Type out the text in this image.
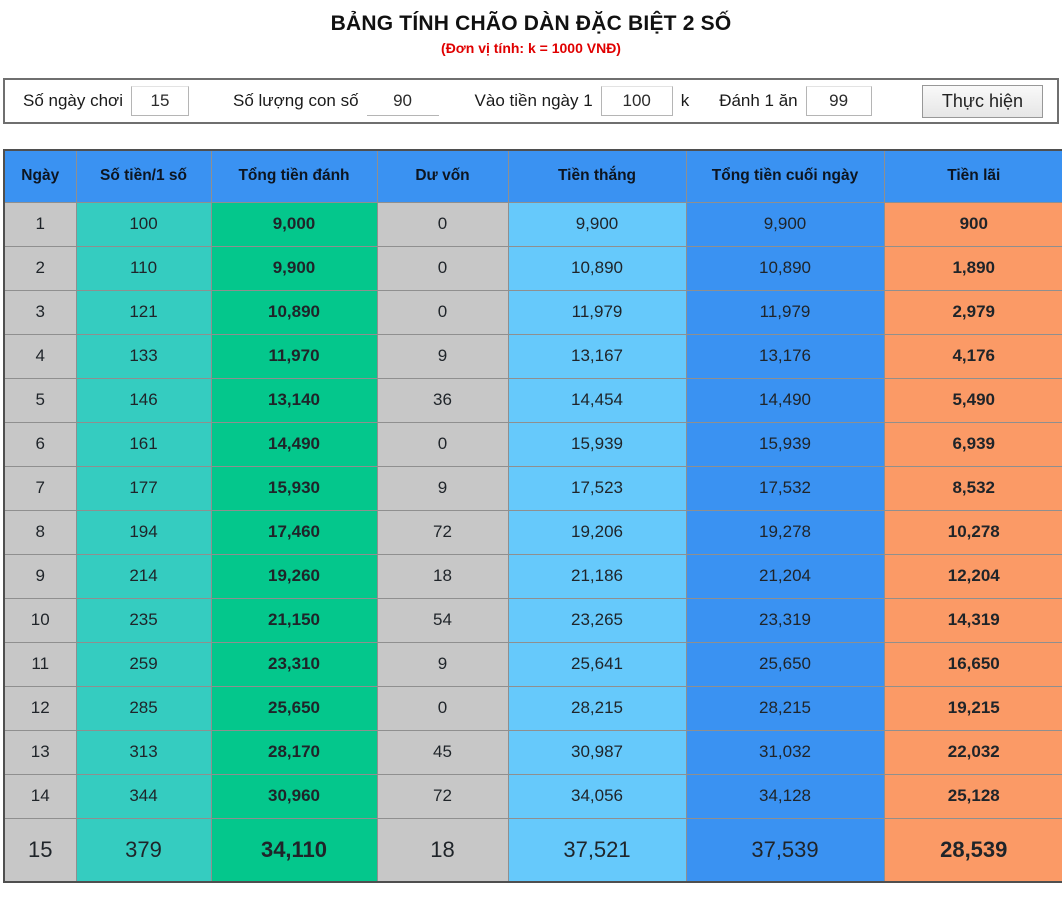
BẢNG TÍNH CHÃO DÀN ĐẶC BIỆT 2 SỐ
(Đơn vị tính: k = 1000 VNĐ)
Số ngày chơi
15	Số lượng con số
90	Vào tiền ngày 1
100	k Đánh 1 ăn
99	Thực hiện
Ngày	Số tiền/1 số	Tổng tiền đánh	Dư vốn	Tiền thắng	Tổng tiền cuối ngày	Tiền lãi
1	100	9,000	0	9,900	9,900	900
2	110	9,900	0	10,890	10,890	1,890
3	121	10,890	0	11,979	11,979	2,979
4	133	11,970	9	13,167	13,176	4,176
5	146	13,140	36	14,454	14,490	5,490
6	161	14,490	0	15,939	15,939	6,939
7	177	15,930	9	17,523	17,532	8,532
8	194	17,460	72	19,206	19,278	10,278
9	214	19,260	18	21,186	21,204	12,204
10	235	21,150	54	23,265	23,319	14,319
11	259	23,310	9	25,641	25,650	16,650
12	285	25,650	0	28,215	28,215	19,215
13	313	28,170	45	30,987	31,032	22,032
14	344	30,960	72	34,056	34,128	25,128
15	379	34,110	18	37,521	37,539	28,539
